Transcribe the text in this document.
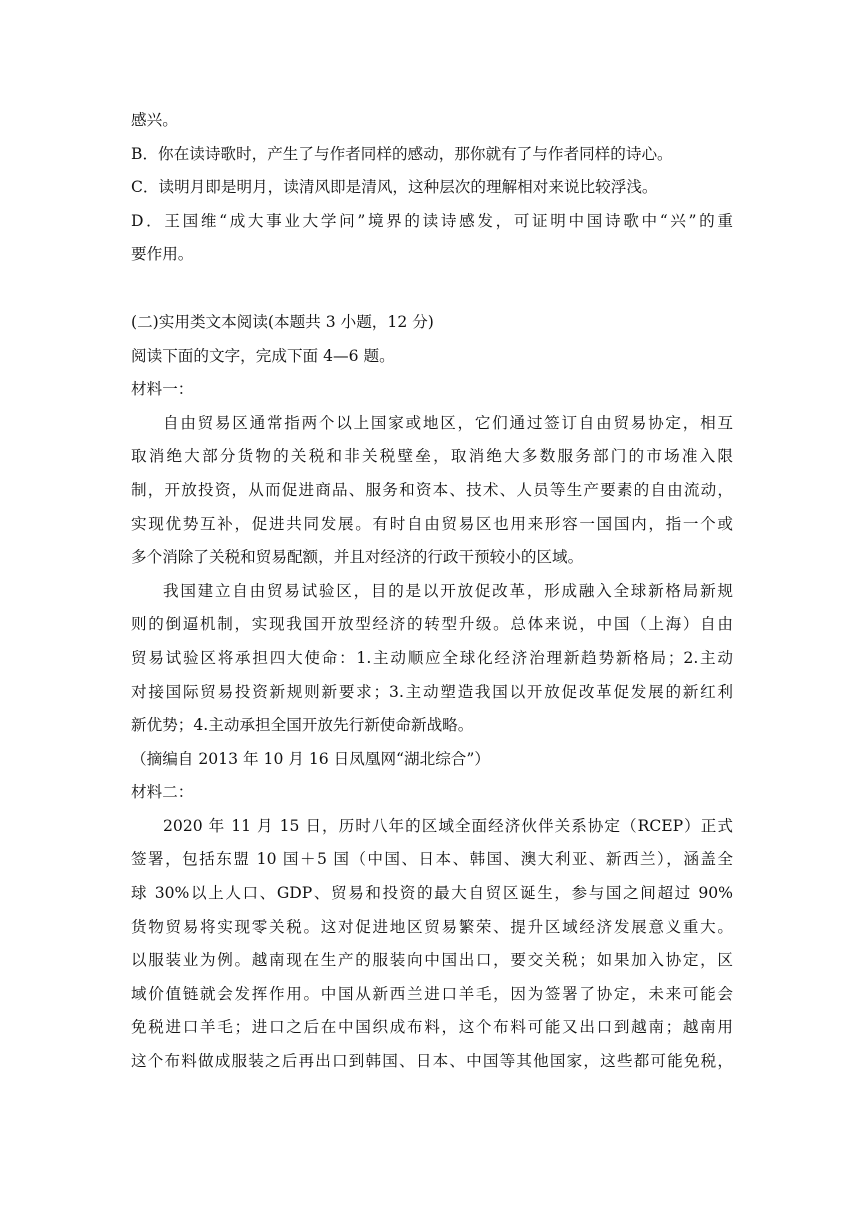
感兴。
B．你在读诗歌时，产生了与作者同样的感动，那你就有了与作者同样的诗心。
C．读明月即是明月，读清风即是清风，这种层次的理解相对来说比较浮浅。
D．王国维“成大事业大学问”境界的读诗感发，可证明中国诗歌中“兴”的重
要作用。
(二)实用类文本阅读(本题共 3 小题，12 分)
阅读下面的文字，完成下面 4—6 题。
材料一：
自由贸易区通常指两个以上国家或地区，它们通过签订自由贸易协定，相互
取消绝大部分货物的关税和非关税壁垒，取消绝大多数服务部门的市场准入限
制，开放投资，从而促进商品、服务和资本、技术、人员等生产要素的自由流动，
实现优势互补，促进共同发展。有时自由贸易区也用来形容一国国内，指一个或
多个消除了关税和贸易配额，并且对经济的行政干预较小的区域。
我国建立自由贸易试验区，目的是以开放促改革，形成融入全球新格局新规
则的倒逼机制，实现我国开放型经济的转型升级。总体来说，中国（上海）自由
贸易试验区将承担四大使命：1.主动顺应全球化经济治理新趋势新格局；2.主动
对接国际贸易投资新规则新要求；3.主动塑造我国以开放促改革促发展的新红利
新优势；4.主动承担全国开放先行新使命新战略。
（摘编自 2013 年 10 月 16 日凤凰网“湖北综合”）
材料二：
2020 年 11 月 15 日，历时八年的区域全面经济伙伴关系协定（RCEP）正式
签署，包括东盟 10 国＋5 国（中国、日本、韩国、澳大利亚、新西兰），涵盖全
球 30%以上人口、GDP、贸易和投资的最大自贸区诞生，参与国之间超过 90%
货物贸易将实现零关税。这对促进地区贸易繁荣、提升区域经济发展意义重大。
以服装业为例。越南现在生产的服装向中国出口，要交关税；如果加入协定，区
域价值链就会发挥作用。中国从新西兰进口羊毛，因为签署了协定，未来可能会
免税进口羊毛；进口之后在中国织成布料，这个布料可能又出口到越南；越南用
这个布料做成服装之后再出口到韩国、日本、中国等其他国家，这些都可能免税，
